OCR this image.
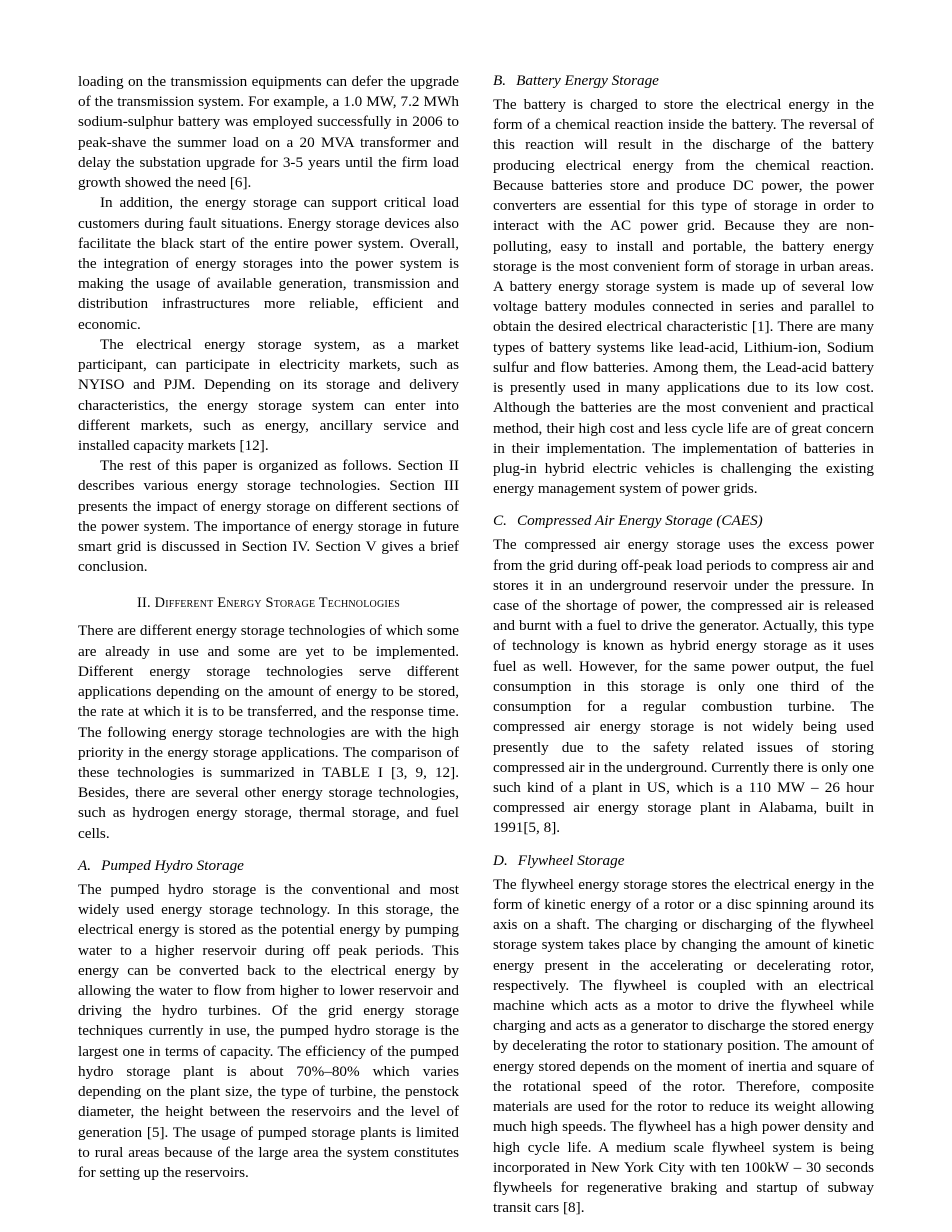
loading on the transmission equipments can defer the upgrade of the transmission system. For example, a 1.0 MW, 7.2 MWh sodium-sulphur battery was employed successfully in 2006 to peak-shave the summer load on a 20 MVA transformer and delay the substation upgrade for 3-5 years until the firm load growth showed the need [6].

In addition, the energy storage can support critical load customers during fault situations. Energy storage devices also facilitate the black start of the entire power system. Overall, the integration of energy storages into the power system is making the usage of available generation, transmission and distribution infrastructures more reliable, efficient and economic.

The electrical energy storage system, as a market participant, can participate in electricity markets, such as NYISO and PJM. Depending on its storage and delivery characteristics, the energy storage system can enter into different markets, such as energy, ancillary service and installed capacity markets [12].

The rest of this paper is organized as follows. Section II describes various energy storage technologies. Section III presents the impact of energy storage on different sections of the power system. The importance of energy storage in future smart grid is discussed in Section IV. Section V gives a brief conclusion.

II. Different Energy Storage Technologies

There are different energy storage technologies of which some are already in use and some are yet to be implemented. Different energy storage technologies serve different applications depending on the amount of energy to be stored, the rate at which it is to be transferred, and the response time. The following energy storage technologies are with the high priority in the energy storage applications. The comparison of these technologies is summarized in TABLE I [3, 9, 12]. Besides, there are several other energy storage technologies, such as hydrogen energy storage, thermal storage, and fuel cells.

A. Pumped Hydro Storage

The pumped hydro storage is the conventional and most widely used energy storage technology. In this storage, the electrical energy is stored as the potential energy by pumping water to a higher reservoir during off peak periods. This energy can be converted back to the electrical energy by allowing the water to flow from higher to lower reservoir and driving the hydro turbines. Of the grid energy storage techniques currently in use, the pumped hydro storage is the largest one in terms of capacity. The efficiency of the pumped hydro storage plant is about 70%–80% which varies depending on the plant size, the type of turbine, the penstock diameter, the height between the reservoirs and the level of generation [5]. The usage of pumped storage plants is limited to rural areas because of the large area the system constitutes for setting up the reservoirs.

B. Battery Energy Storage

The battery is charged to store the electrical energy in the form of a chemical reaction inside the battery. The reversal of this reaction will result in the discharge of the battery producing electrical energy from the chemical reaction. Because batteries store and produce DC power, the power converters are essential for this type of storage in order to interact with the AC power grid. Because they are non-polluting, easy to install and portable, the battery energy storage is the most convenient form of storage in urban areas. A battery energy storage system is made up of several low voltage battery modules connected in series and parallel to obtain the desired electrical characteristic [1]. There are many types of battery systems like lead-acid, Lithium-ion, Sodium sulfur and flow batteries. Among them, the Lead-acid battery is presently used in many applications due to its low cost. Although the batteries are the most convenient and practical method, their high cost and less cycle life are of great concern in their implementation. The implementation of batteries in plug-in hybrid electric vehicles is challenging the existing energy management system of power grids.

C. Compressed Air Energy Storage (CAES)

The compressed air energy storage uses the excess power from the grid during off-peak load periods to compress air and stores it in an underground reservoir under the pressure. In case of the shortage of power, the compressed air is released and burnt with a fuel to drive the generator. Actually, this type of technology is known as hybrid energy storage as it uses fuel as well. However, for the same power output, the fuel consumption in this storage is only one third of the consumption for a regular combustion turbine. The compressed air energy storage is not widely being used presently due to the safety related issues of storing compressed air in the underground. Currently there is only one such kind of a plant in US, which is a 110 MW – 26 hour compressed air energy storage plant in Alabama, built in 1991[5, 8].

D. Flywheel Storage

The flywheel energy storage stores the electrical energy in the form of kinetic energy of a rotor or a disc spinning around its axis on a shaft. The charging or discharging of the flywheel storage system takes place by changing the amount of kinetic energy present in the accelerating or decelerating rotor, respectively. The flywheel is coupled with an electrical machine which acts as a motor to drive the flywheel while charging and acts as a generator to discharge the stored energy by decelerating the rotor to stationary position. The amount of energy stored depends on the moment of inertia and square of the rotational speed of the rotor. Therefore, composite materials are used for the rotor to reduce its weight allowing much high speeds. The flywheel has a high power density and high cycle life. A medium scale flywheel system is being incorporated in New York City with ten 100kW – 30 seconds flywheels for regenerative braking and startup of subway transit cars [8].
